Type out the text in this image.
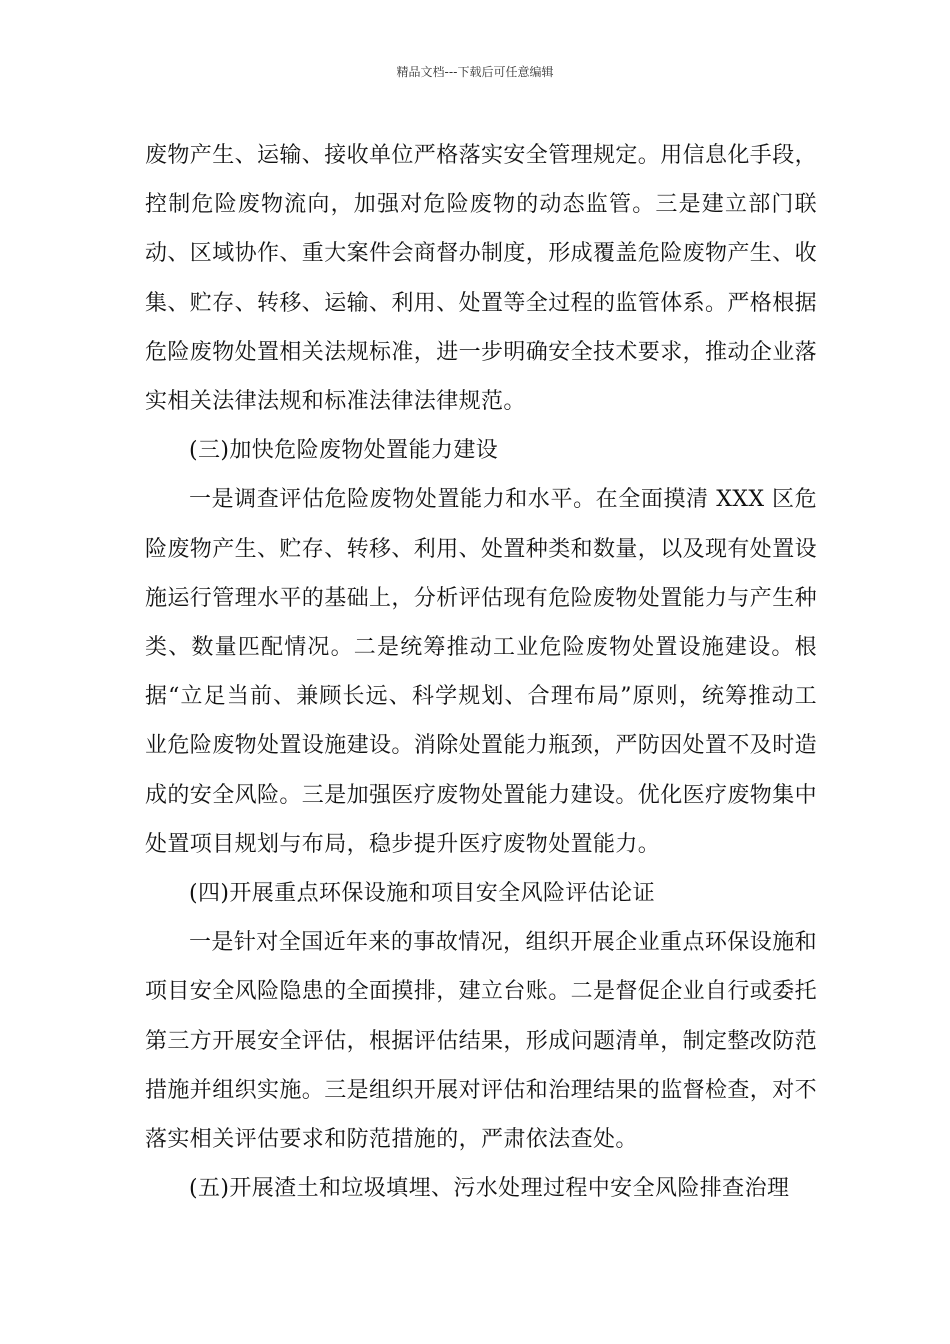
精品文档---下载后可任意编辑

废物产生、运输、接收单位严格落实安全管理规定。用信息化手段，控制危险废物流向，加强对危险废物的动态监管。三是建立部门联动、区域协作、重大案件会商督办制度，形成覆盖危险废物产生、收集、贮存、转移、运输、利用、处置等全过程的监管体系。严格根据危险废物处置相关法规标准，进一步明确安全技术要求，推动企业落实相关法律法规和标准法律法律规范。

(三)加快危险废物处置能力建设

一是调查评估危险废物处置能力和水平。在全面摸清 XXX 区危险废物产生、贮存、转移、利用、处置种类和数量，以及现有处置设施运行管理水平的基础上，分析评估现有危险废物处置能力与产生种类、数量匹配情况。二是统筹推动工业危险废物处置设施建设。根据“立足当前、兼顾长远、科学规划、合理布局”原则，统筹推动工业危险废物处置设施建设。消除处置能力瓶颈，严防因处置不及时造成的安全风险。三是加强医疗废物处置能力建设。优化医疗废物集中处置项目规划与布局，稳步提升医疗废物处置能力。

(四)开展重点环保设施和项目安全风险评估论证

一是针对全国近年来的事故情况，组织开展企业重点环保设施和项目安全风险隐患的全面摸排，建立台账。二是督促企业自行或委托第三方开展安全评估，根据评估结果，形成问题清单，制定整改防范措施并组织实施。三是组织开展对评估和治理结果的监督检查，对不落实相关评估要求和防范措施的，严肃依法查处。

(五)开展渣土和垃圾填埋、污水处理过程中安全风险排查治理
